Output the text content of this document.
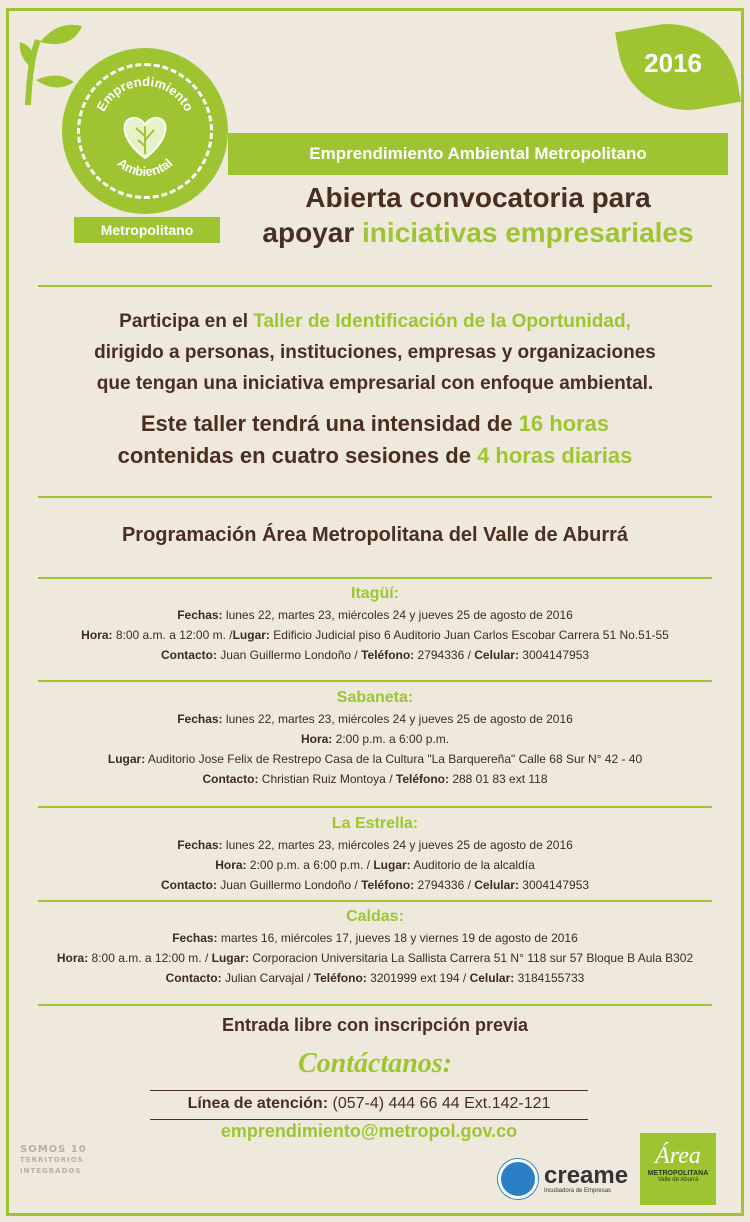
2016
Emprendimiento
Ambiental
Metropolitano
Emprendimiento Ambiental Metropolitano
Abierta convocatoria para
apoyar iniciativas empresariales
Participa en el Taller de Identificación de la Oportunidad,
dirigido a personas, instituciones, empresas y organizaciones
que tengan una iniciativa empresarial con enfoque ambiental.
Este taller tendrá una intensidad de 16 horas
contenidas en cuatro sesiones de 4 horas diarias
Programación Área Metropolitana del Valle de Aburrá
Itagüí:
Fechas: lunes 22, martes 23, miércoles 24 y jueves 25 de agosto de 2016
Hora: 8:00 a.m. a 12:00 m. /Lugar: Edificio Judicial piso 6 Auditorio Juan Carlos Escobar Carrera 51 No.51-55
Contacto: Juan Guillermo Londoño / Teléfono: 2794336 / Celular: 3004147953
Sabaneta:
Fechas: lunes 22, martes 23, miércoles 24 y jueves 25 de agosto de 2016
Hora: 2:00 p.m. a 6:00 p.m.
Lugar: Auditorio Jose Felix de Restrepo Casa de la Cultura "La Barquereña" Calle 68 Sur N° 42 - 40
Contacto: Christian Ruiz Montoya / Teléfono: 288 01 83 ext 118
La Estrella:
Fechas: lunes 22, martes 23, miércoles 24 y jueves 25 de agosto de 2016
Hora: 2:00 p.m. a 6:00 p.m. / Lugar: Auditorio de la alcaldía
Contacto: Juan Guillermo Londoño / Teléfono: 2794336 / Celular: 3004147953
Caldas:
Fechas: martes 16, miércoles 17, jueves 18 y viernes 19 de agosto de 2016
Hora: 8:00 a.m. a 12:00 m. / Lugar: Corporacion Universitaria La Sallista Carrera 51 N° 118 sur 57 Bloque B Aula B302
Contacto: Julian Carvajal / Teléfono: 3201999 ext 194 / Celular: 3184155733
Entrada libre con inscripción previa
Contáctanos:
Línea de atención: (057-4) 444 66 44 Ext.142-121
emprendimiento@metropol.gov.co
SOMOS 10
TERRITORIOS
INTEGRADOS	creame
Incubadora de Empresas
Área
METROPOLITANA
Valle de Aburrá
